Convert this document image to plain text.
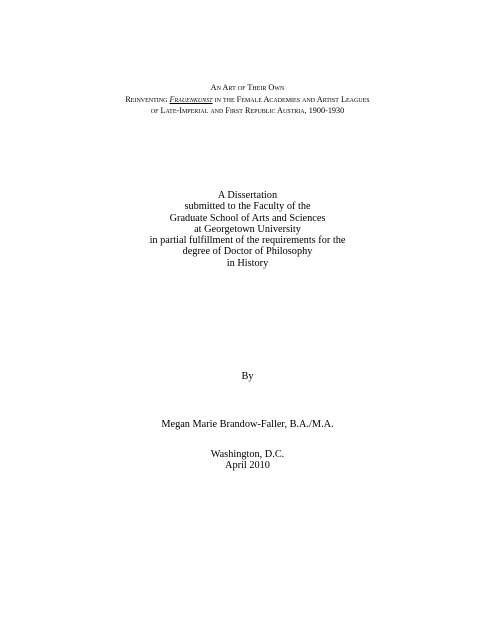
An Art of Their Own
Reinventing Frauenkunst in the Female Academies and Artist Leagues
of Late-Imperial and First Republic Austria, 1900-1930
A Dissertation
submitted to the Faculty of the
Graduate School of Arts and Sciences
at Georgetown University
in partial fulfillment of the requirements for the
degree of Doctor of Philosophy
in History
By
Megan Marie Brandow-Faller, B.A./M.A.
Washington, D.C.
April 2010
